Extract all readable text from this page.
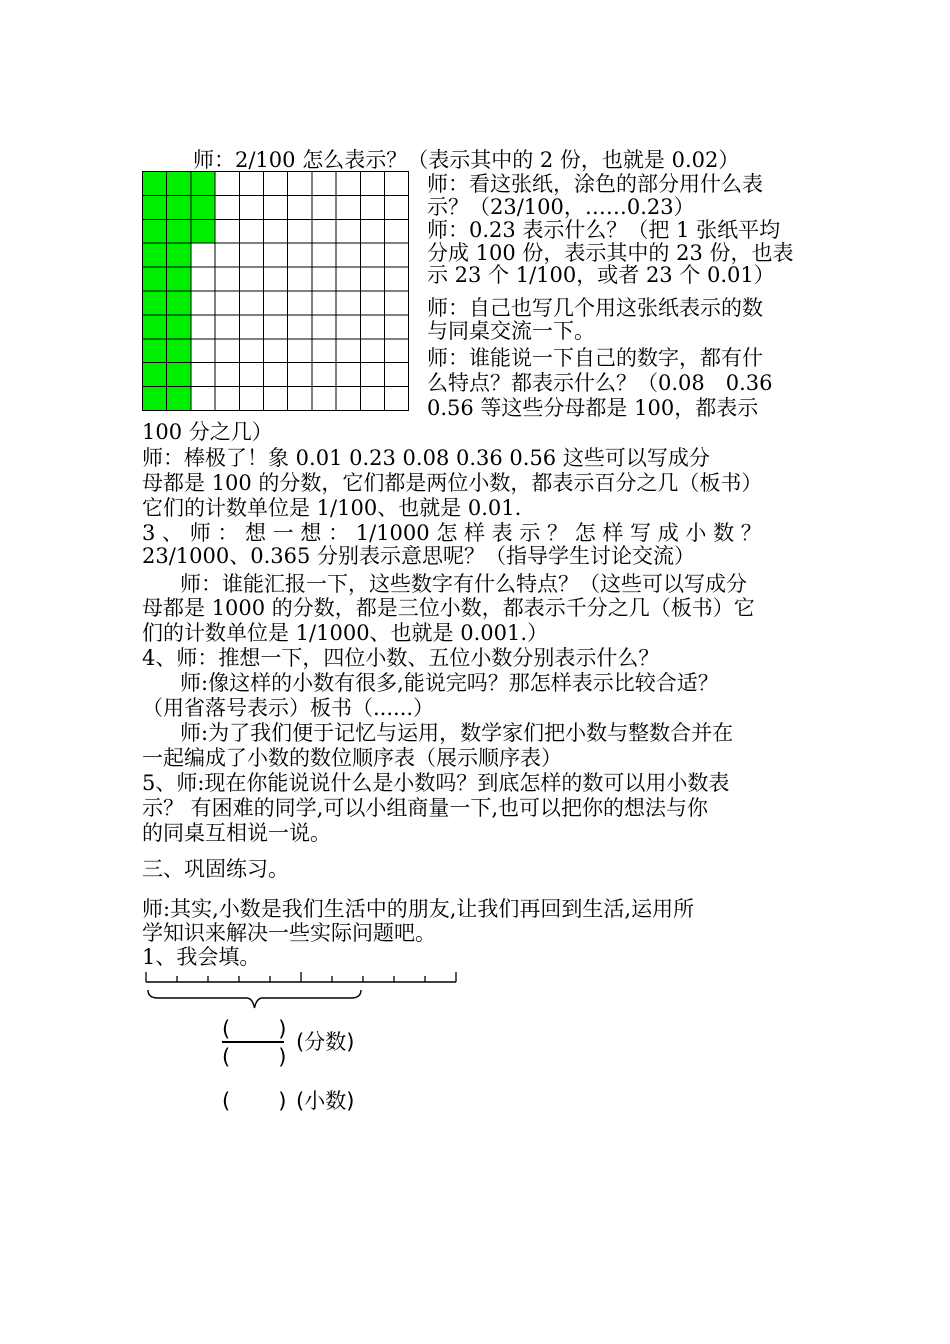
师：2/100 怎么表示？（表示其中的 2 份，也就是 0.02）
师：看这张纸，涂色的部分用什么表
示？（23/100，……0.23）
师：0.23 表示什么？（把 1 张纸平均
分成 100 份，表示其中的 23 份，也表
示 23 个 1/100，或者 23 个 0.01）
师：自己也写几个用这张纸表示的数
与同桌交流一下。
师：谁能说一下自己的数字，都有什
么特点？都表示什么？（0.08　0.36
0.56 等这些分母都是 100，都表示
100 分之几）
师：棒极了！象 0.01 0.23 0.08 0.36 0.56 这些可以写成分
母都是 100 的分数，它们都是两位小数，都表示百分之几（板书）
它们的计数单位是 1/100、也就是 0.01.
3 、 师 ： 想 一 想 ： 1/1000 怎 样 表 示 ？ 怎 样 写 成 小 数 ？
23/1000、0.365 分别表示意思呢？（指导学生讨论交流）
师：谁能汇报一下，这些数字有什么特点？（这些可以写成分
母都是 1000 的分数，都是三位小数，都表示千分之几（板书）它
们的计数单位是 1/1000、也就是 0.001.）
4、师：推想一下，四位小数、五位小数分别表示什么？
师:像这样的小数有很多,能说完吗？那怎样表示比较合适？
（用省落号表示）板书（......）
师:为了我们便于记忆与运用，数学家们把小数与整数合并在
一起编成了小数的数位顺序表（展示顺序表）
5、师:现在你能说说什么是小数吗？到底怎样的数可以用小数表
示？ 有困难的同学,可以小组商量一下,也可以把你的想法与你
的同桌互相说一说。
三、巩固练习。
师:其实,小数是我们生活中的朋友,让我们再回到生活,运用所
学知识来解决一些实际问题吧。
1、我会填。
(　　)
(　　)
(分数)
(　　) (小数)
